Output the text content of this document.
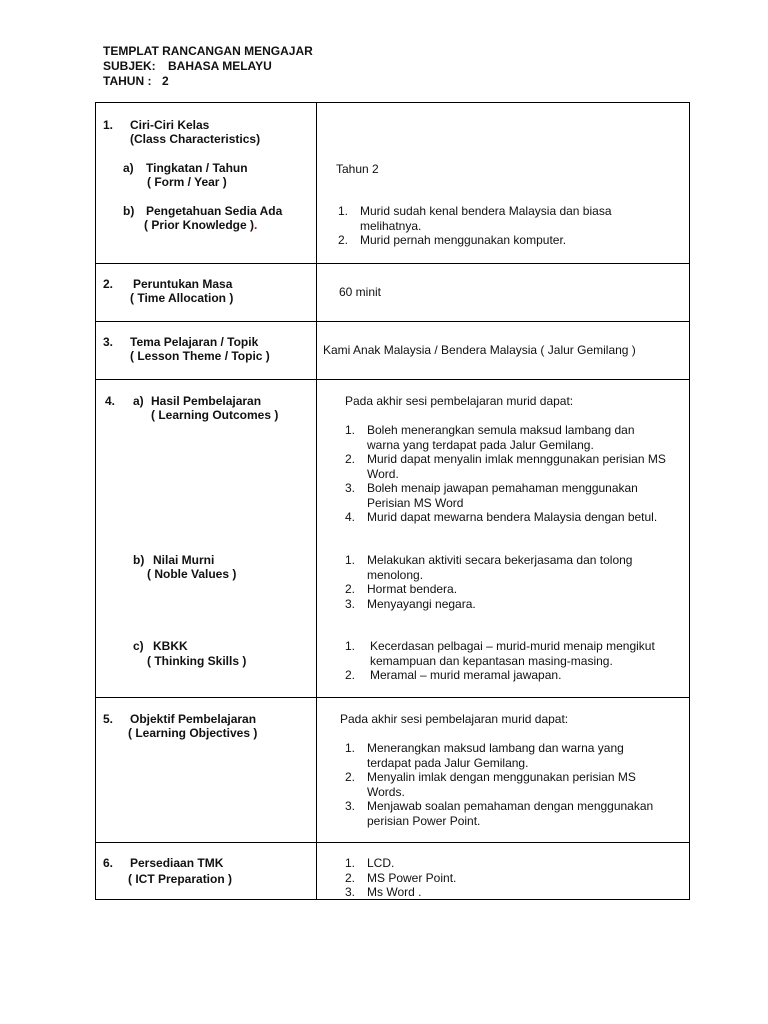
TEMPLAT RANCANGAN MENGAJAR
SUBJEK: BAHASA MELAYU
TAHUN : 2
1. Ciri-Ciri Kelas
(Class Characteristics)
a) Tingkatan / Tahun
( Form / Year )
Tahun 2
b) Pengetahuan Sedia Ada
( Prior Knowledge ).
1. Murid sudah kenal bendera Malaysia dan biasa
melihatnya.
2. Murid pernah menggunakan komputer.
2. Peruntukan Masa
( Time Allocation )	60 minit
3. Tema Pelajaran / Topik
( Lesson Theme / Topic )	Kami Anak Malaysia / Bendera Malaysia ( Jalur Gemilang )
4. a) Hasil Pembelajaran
( Learning Outcomes )
Pada akhir sesi pembelajaran murid dapat:
1. Boleh menerangkan semula maksud lambang dan
warna yang terdapat pada Jalur Gemilang.
2. Murid dapat menyalin imlak mennggunakan perisian MS
Word.
3. Boleh menaip jawapan pemahaman menggunakan
Perisian MS Word
4. Murid dapat mewarna bendera Malaysia dengan betul.
b) Nilai Murni
( Noble Values )
1. Melakukan aktiviti secara bekerjasama dan tolong
menolong.
2. Hormat bendera.
3. Menyayangi negara.
c) KBKK
( Thinking Skills )
1. Kecerdasan pelbagai – murid-murid menaip mengikut
kemampuan dan kepantasan masing-masing.
2. Meramal – murid meramal jawapan.
5. Objektif Pembelajaran
( Learning Objectives )
Pada akhir sesi pembelajaran murid dapat:
1. Menerangkan maksud lambang dan warna yang
terdapat pada Jalur Gemilang.
2. Menyalin imlak dengan menggunakan perisian MS
Words.
3. Menjawab soalan pemahaman dengan menggunakan
perisian Power Point.
6. Persediaan TMK
( ICT Preparation )
1. LCD.
2. MS Power Point.
3. Ms Word .
